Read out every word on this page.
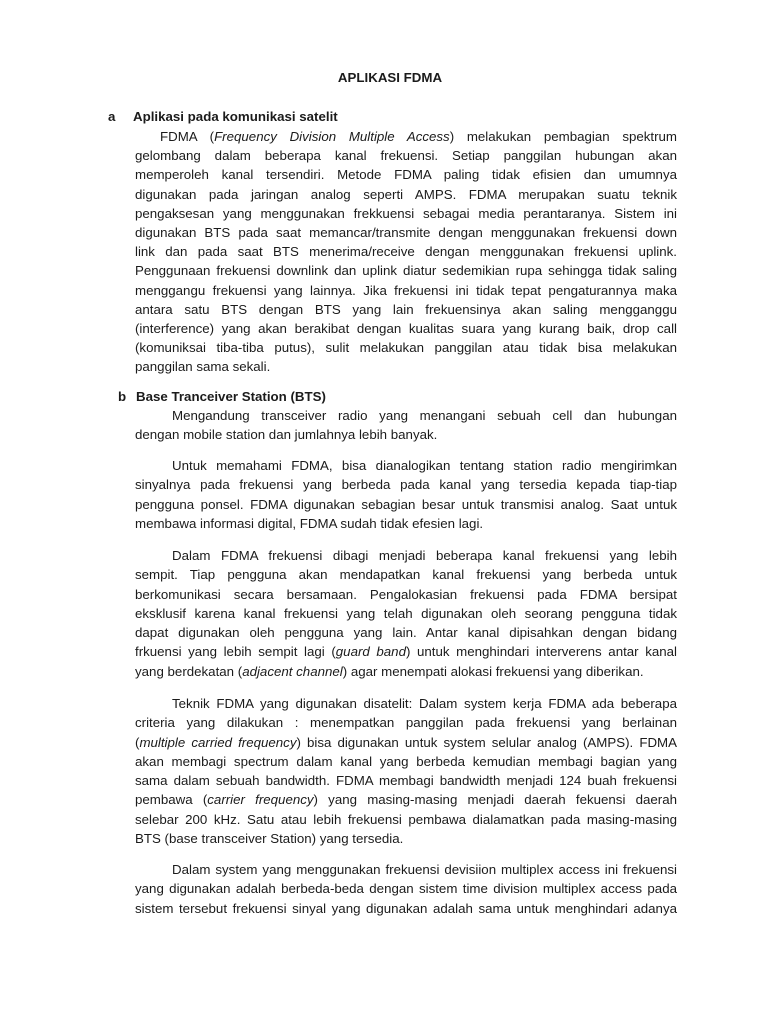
APLIKASI FDMA
a Aplikasi pada komunikasi satelit
FDMA (Frequency Division Multiple Access) melakukan pembagian spektrum
gelombang dalam beberapa kanal frekuensi. Setiap panggilan hubungan akan
memperoleh kanal tersendiri. Metode FDMA paling tidak efisien dan umumnya
digunakan pada jaringan analog seperti AMPS. FDMA merupakan suatu teknik
pengaksesan yang menggunakan frekkuensi sebagai media perantaranya. Sistem ini
digunakan BTS pada saat memancar/transmite dengan menggunakan frekuensi down
link dan pada saat BTS menerima/receive dengan menggunakan frekuensi uplink.
Penggunaan frekuensi downlink dan uplink diatur sedemikian rupa sehingga tidak saling
menggangu frekuensi yang lainnya. Jika frekuensi ini tidak tepat pengaturannya maka
antara satu BTS dengan BTS yang lain frekuensinya akan saling mengganggu
(interference) yang akan berakibat dengan kualitas suara yang kurang baik, drop call
(komuniksai tiba-tiba putus), sulit melakukan panggilan atau tidak bisa melakukan
panggilan sama sekali.
b Base Tranceiver Station (BTS)
Mengandung transceiver radio yang menangani sebuah cell dan hubungan
dengan mobile station dan jumlahnya lebih banyak.
Untuk memahami FDMA, bisa dianalogikan tentang station radio mengirimkan
sinyalnya pada frekuensi yang berbeda pada kanal yang tersedia kepada tiap-tiap
pengguna ponsel. FDMA digunakan sebagian besar untuk transmisi analog. Saat untuk
membawa informasi digital, FDMA sudah tidak efesien lagi.
Dalam FDMA frekuensi dibagi menjadi beberapa kanal frekuensi yang lebih
sempit. Tiap pengguna akan mendapatkan kanal frekuensi yang berbeda untuk
berkomunikasi secara bersamaan. Pengalokasian frekuensi pada FDMA bersipat
eksklusif karena kanal frekuensi yang telah digunakan oleh seorang pengguna tidak
dapat digunakan oleh pengguna yang lain. Antar kanal dipisahkan dengan bidang
frkuensi yang lebih sempit lagi (guard band) untuk menghindari interverens antar kanal
yang berdekatan (adjacent channel) agar menempati alokasi frekuensi yang diberikan.
Teknik FDMA yang digunakan disatelit: Dalam system kerja FDMA ada beberapa
criteria yang dilakukan : menempatkan panggilan pada frekuensi yang berlainan
(multiple carried frequency) bisa digunakan untuk system selular analog (AMPS). FDMA
akan membagi spectrum dalam kanal yang berbeda kemudian membagi bagian yang
sama dalam sebuah bandwidth. FDMA membagi bandwidth menjadi 124 buah frekuensi
pembawa (carrier frequency) yang masing-masing menjadi daerah fekuensi daerah
selebar 200 kHz. Satu atau lebih frekuensi pembawa dialamatkan pada masing-masing
BTS (base transceiver Station) yang tersedia.
Dalam system yang menggunakan frekuensi devisiion multiplex access ini frekuensi
yang digunakan adalah berbeda-beda dengan sistem time division multiplex access pada
sistem tersebut frekuensi sinyal yang digunakan adalah sama untuk menghindari adanya
